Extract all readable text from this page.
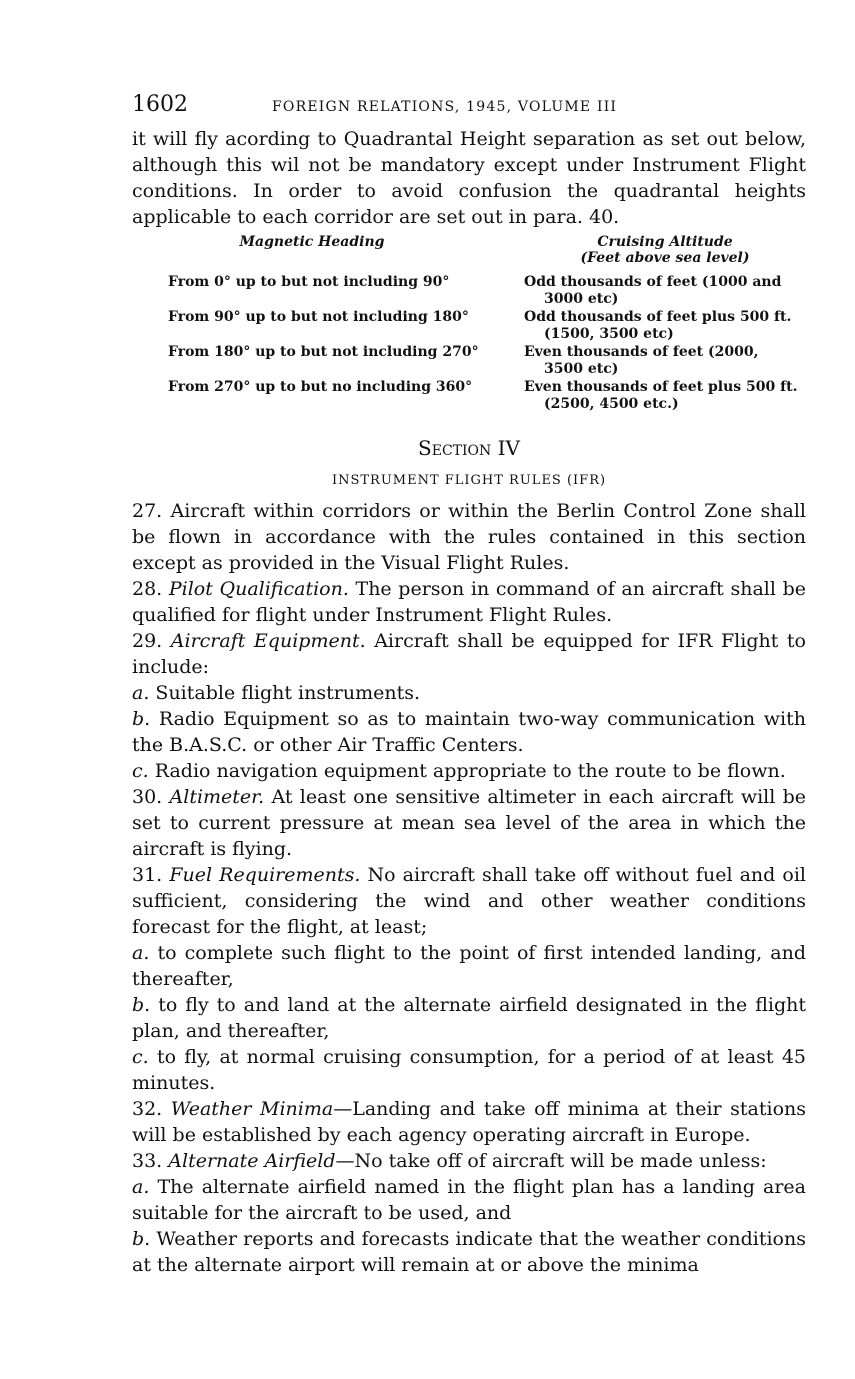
1602	FOREIGN RELATIONS, 1945, VOLUME III

it will fly acording to Quadrantal Height separation as set out below, although this wil not be mandatory except under Instrument Flight conditions. In order to avoid confusion the quadrantal heights applicable to each corridor are set out in para. 40.

Magnetic Heading	Cruising Altitude
(Feet above sea level)
From 0° up to but not including 90°	Odd thousands of feet (1000 and
3000 etc)
From 90° up to but not including 180°	Odd thousands of feet plus 500 ft.
(1500, 3500 etc)
From 180° up to but not including 270°	Even thousands of feet (2000,
3500 etc)
From 270° up to but no including 360°	Even thousands of feet plus 500 ft.
(2500, 4500 etc.)
Section IV
INSTRUMENT FLIGHT RULES (IFR)

27. Aircraft within corridors or within the Berlin Control Zone shall be flown in accordance with the rules contained in this section except as provided in the Visual Flight Rules.

28. Pilot Qualification. The person in command of an aircraft shall be qualified for flight under Instrument Flight Rules.

29. Aircraft Equipment. Aircraft shall be equipped for IFR Flight to include:

a. Suitable flight instruments.

b. Radio Equipment so as to maintain two-way communication with the B.A.S.C. or other Air Traffic Centers.

c. Radio navigation equipment appropriate to the route to be flown.

30. Altimeter. At least one sensitive altimeter in each aircraft will be set to current pressure at mean sea level of the area in which the aircraft is flying.

31. Fuel Requirements. No aircraft shall take off without fuel and oil sufficient, considering the wind and other weather conditions forecast for the flight, at least;

a. to complete such flight to the point of first intended landing, and thereafter,

b. to fly to and land at the alternate airfield designated in the flight plan, and thereafter,

c. to fly, at normal cruising consumption, for a period of at least 45 minutes.

32. Weather Minima—Landing and take off minima at their stations will be established by each agency operating aircraft in Europe.

33. Alternate Airfield—No take off of aircraft will be made unless:

a. The alternate airfield named in the flight plan has a landing area suitable for the aircraft to be used, and

b. Weather reports and forecasts indicate that the weather conditions at the alternate airport will remain at or above the minima
